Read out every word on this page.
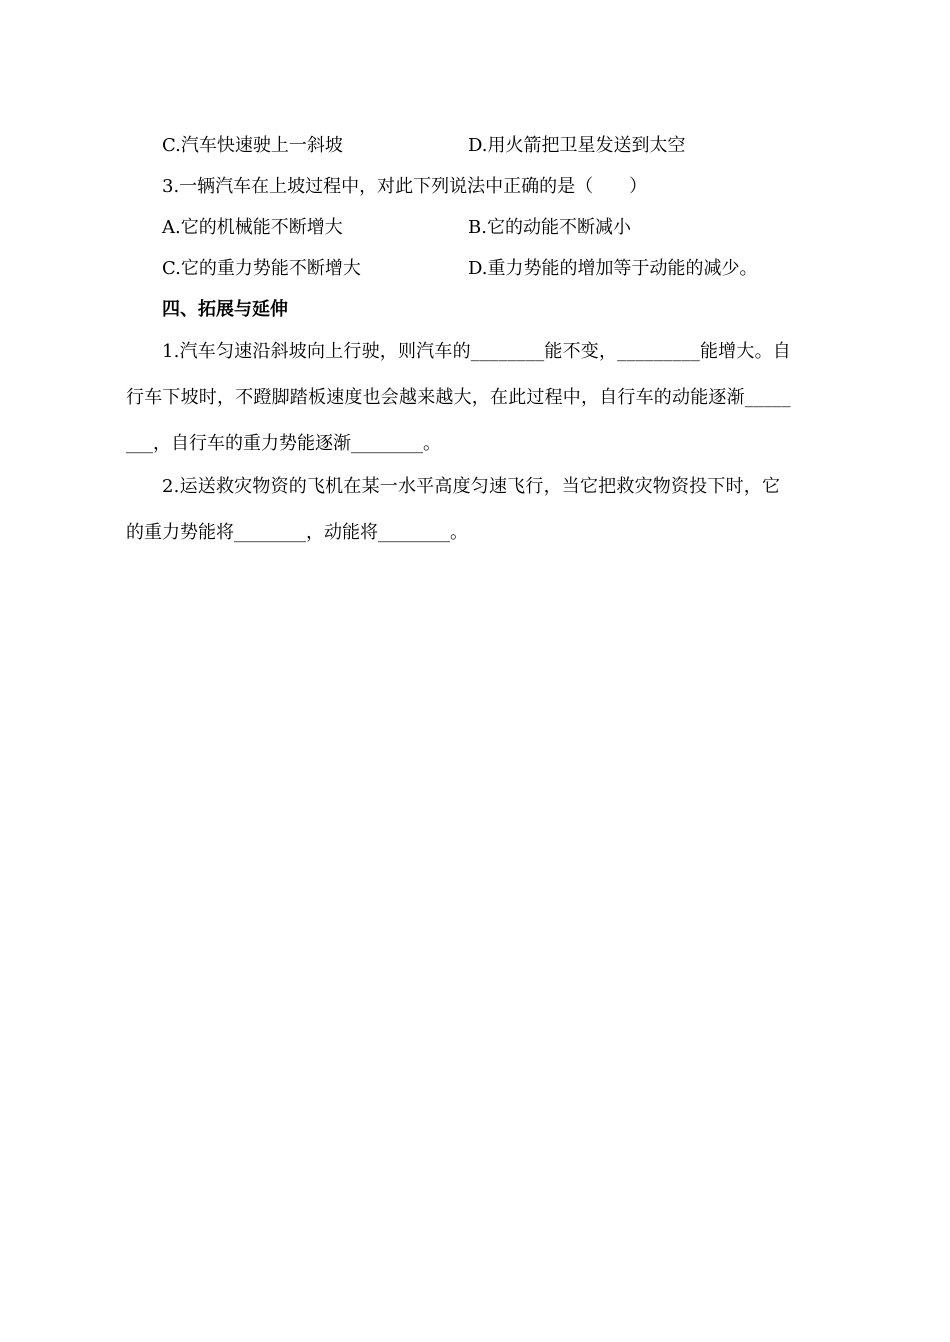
C.汽车快速驶上一斜坡	D.用火箭把卫星发送到太空
3.一辆汽车在上坡过程中，对此下列说法中正确的是（　　）
A.它的机械能不断增大	B.它的动能不断减小
C.它的重力势能不断增大	D.重力势能的增加等于动能的减少。
四、拓展与延伸
1.汽车匀速沿斜坡向上行驶，则汽车的________能不变，_________能增大。自
行车下坡时，不蹬脚踏板速度也会越来越大，在此过程中，自行车的动能逐渐_____
___，自行车的重力势能逐渐________。
2.运送救灾物资的飞机在某一水平高度匀速飞行，当它把救灾物资投下时，它
的重力势能将________，动能将________。
